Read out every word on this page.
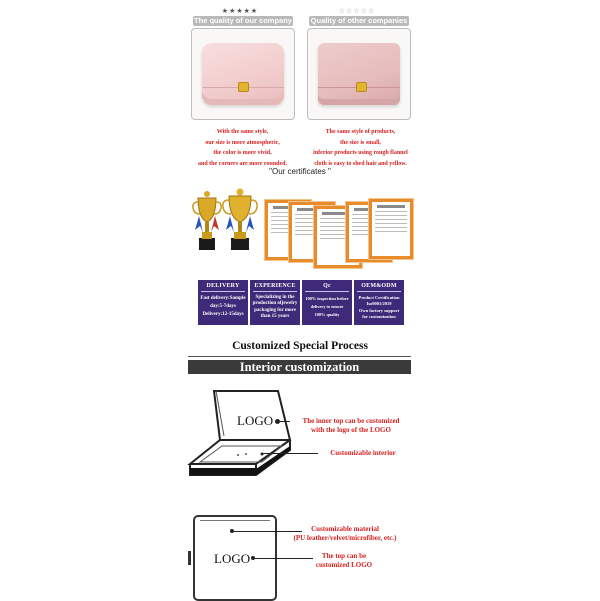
★★★★★	☆☆☆☆☆
The quality of our company Quality of other companies
With the same style,
our size is more atmospheric,
the color is more vivid,
and the corners are more rounded.
The same style of products,
the size is small,
inferior products using rough flannel
cloth is easy to shed hair and yellow.
"Our certificates "
DELIVERY
Fast delivery:Sample
day:5-7days
Delivery:12-15days
EXPERIENCE
Specializing in the
production ofjewelry
packaging for more
than 15 years
Qc
100% inspection before
delivery to ensure
100% quality
OEM&ODM
Product Certification
Iso9001/2019
Own factory support
for customization
Customized Special Process
Interior customization
LOGO	The inner top can be customized
with the logo of the LOGO
Customizable interior
Customizable material
(PU leather/velvet/microfiber, etc.)
LOGO	The top can be
customized LOGO
